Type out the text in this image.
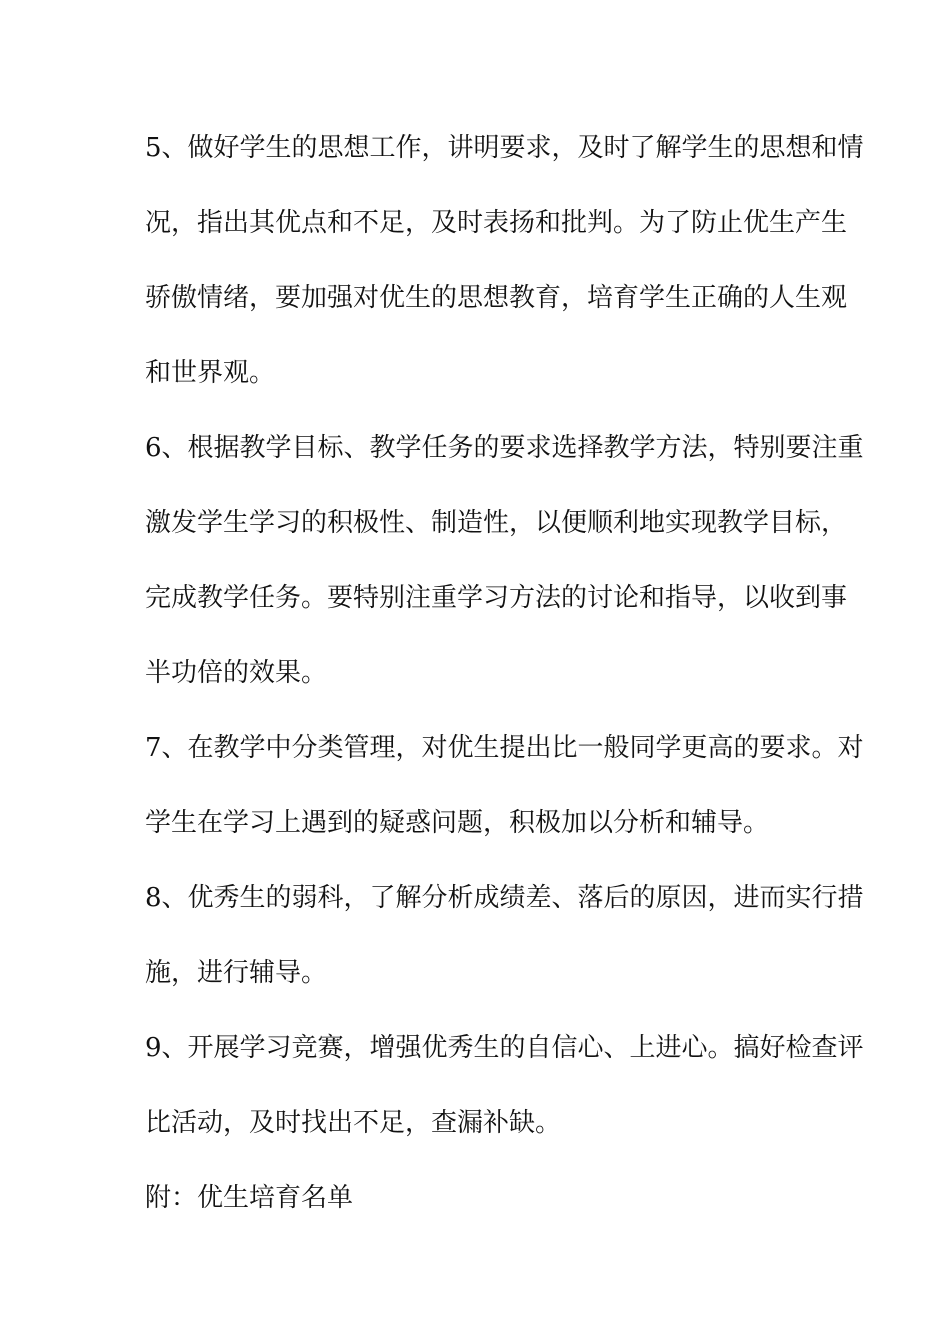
5、做好学生的思想工作，讲明要求，及时了解学生的思想和情
况，指出其优点和不足，及时表扬和批判。为了防止优生产生
骄傲情绪，要加强对优生的思想教育，培育学生正确的人生观
和世界观。
6、根据教学目标、教学任务的要求选择教学方法，特别要注重
激发学生学习的积极性、制造性，以便顺利地实现教学目标，
完成教学任务。要特别注重学习方法的讨论和指导，以收到事
半功倍的效果。
7、在教学中分类管理，对优生提出比一般同学更高的要求。对
学生在学习上遇到的疑惑问题，积极加以分析和辅导。
8、优秀生的弱科，了解分析成绩差、落后的原因，进而实行措
施，进行辅导。
9、开展学习竞赛，增强优秀生的自信心、上进心。搞好检查评
比活动，及时找出不足，查漏补缺。
附：优生培育名单
